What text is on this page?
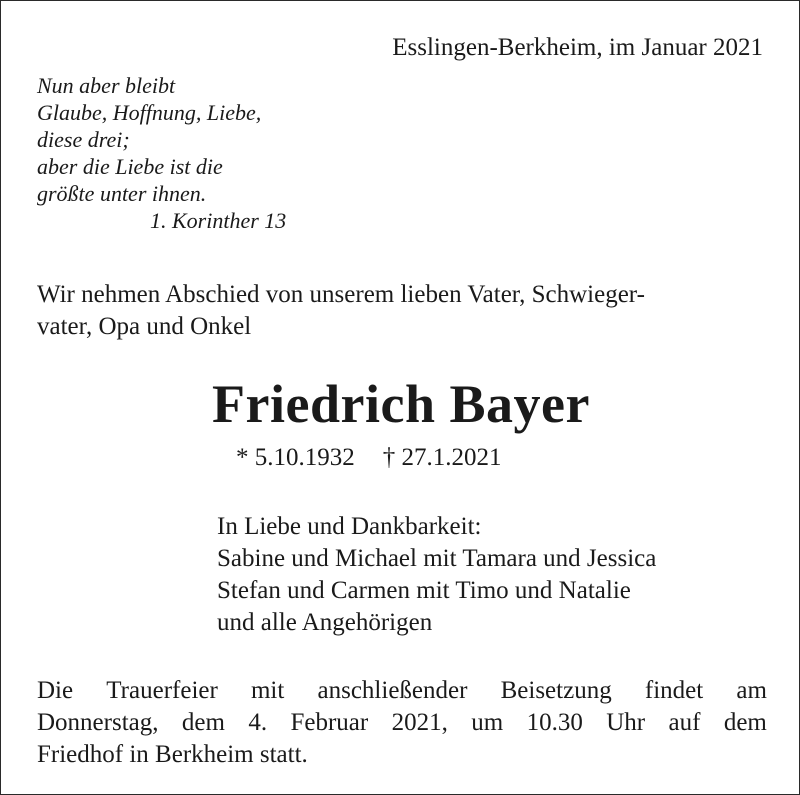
Esslingen-Berkheim, im Januar 2021
Nun aber bleibt
Glaube, Hoffnung, Liebe,
diese drei;
aber die Liebe ist die
größte unter ihnen.
1. Korinther 13
Wir nehmen Abschied von unserem lieben Vater, Schwieger-
vater, Opa und Onkel
Friedrich Bayer
* 5.10.1932 † 27.1.2021
In Liebe und Dankbarkeit:
Sabine und Michael mit Tamara und Jessica
Stefan und Carmen mit Timo und Natalie
und alle Angehörigen
Die Trauerfeier mit anschließender Beisetzung findet am
Donnerstag, dem 4. Februar 2021, um 10.30 Uhr auf dem
Friedhof in Berkheim statt.
